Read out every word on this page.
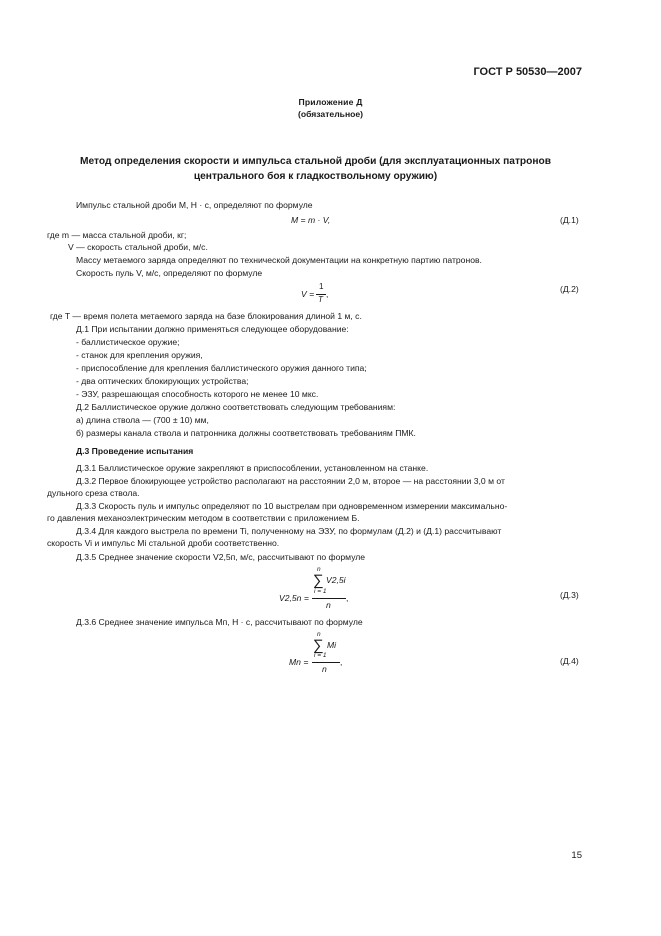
ГОСТ Р 50530—2007
Приложение Д
(обязательное)
Метод определения скорости и импульса стальной дроби (для эксплуатационных патронов
центрального боя к гладкоствольному оружию)
Импульс стальной дроби M, Н · с, определяют по формуле
M = m · V,	(Д.1)
где m — масса стальной дроби, кг;
V — скорость стальной дроби, м/с.
Массу метаемого заряда определяют по технической документации на конкретную партию патронов.
Скорость пуль V, м/с, определяют по формуле
V =
1
T
,	(Д.2)
где T — время полета метаемого заряда на базе блокирования длиной 1 м, с.
Д.1 При испытании должно применяться следующее оборудование:
- баллистическое оружие;
- станок для крепления оружия,
- приспособление для крепления баллистического оружия данного типа;
- два оптических блокирующих устройства;
- ЭЗУ, разрешающая способность которого не менее 10 мкс.
Д.2 Баллистическое оружие должно соответствовать следующим требованиям:
а) длина ствола — (700 ± 10) мм,
б) размеры канала ствола и патронника должны соответствовать требованиям ПМК.
Д.3 Проведение испытания
Д.3.1 Баллистическое оружие закрепляют в приспособлении, установленном на станке.
Д.3.2 Первое блокирующее устройство располагают на расстоянии 2,0 м, второе — на расстоянии 3,0 м от
дульного среза ствола.
Д.3.3 Скорость пуль и импульс определяют по 10 выстрелам при одновременном измерении максимально-
го давления механоэлектрическим методом в соответствии с приложением Б.
Д.3.4 Для каждого выстрела по времени Ti, полученному на ЭЗУ, по формулам (Д.2) и (Д.1) рассчитывают
скорость Vi и импульс Mi стальной дроби соответственно.
Д.3.5 Среднее значение скорости V2,5п, м/с, рассчитывают по формуле
V2,5n =
n
∑ V2,5i
i = 1
n
,	(Д.3)
Д.3.6 Среднее значение импульса Mп, Н · с, рассчитывают по формуле
Mn =
n
∑ Mi
i = 1
n
,	(Д.4)
15
